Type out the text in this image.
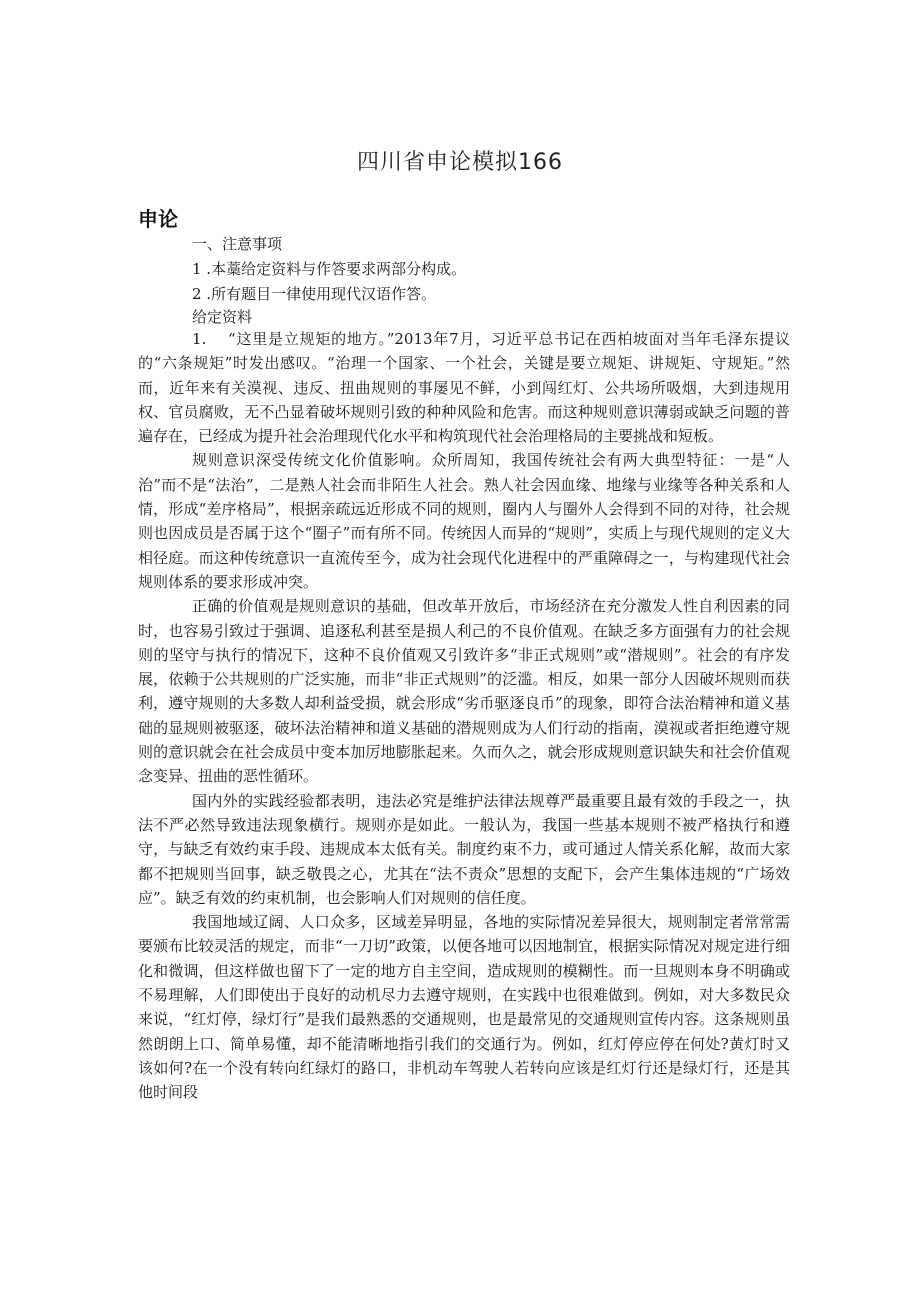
四川省申论模拟166
申论
一、注意事项
1 .本藁给定资料与作答要求两部分构成。
2 .所有题目一律使用现代汉语作答。
给定资料

1. “这里是立规矩的地方。”2013年7月，习近平总书记在西柏坡面对当年毛泽东提议的“六条规矩”时发出感叹。“治理一个国家、一个社会，关键是要立规矩、讲规矩、守规矩。”然而，近年来有关漠视、违反、扭曲规则的事屡见不鲜，小到闯红灯、公共场所吸烟，大到违规用权、官员腐败，无不凸显着破坏规则引致的种种风险和危害。而这种规则意识薄弱或缺乏问题的普遍存在，已经成为提升社会治理现代化水平和构筑现代社会治理格局的主要挑战和短板。

规则意识深受传统文化价值影响。众所周知，我国传统社会有两大典型特征：一是“人治”而不是“法治”，二是熟人社会而非陌生人社会。熟人社会因血缘、地缘与业缘等各种关系和人情，形成“差序格局”，根据亲疏远近形成不同的规则，圈内人与圈外人会得到不同的对待，社会规则也因成员是否属于这个“圈子”而有所不同。传统因人而异的“规则”，实质上与现代规则的定义大相径庭。而这种传统意识一直流传至今，成为社会现代化进程中的严重障碍之一，与构建现代社会规则体系的要求形成冲突。

正确的价值观是规则意识的基础，但改革开放后，市场经济在充分激发人性自利因素的同时，也容易引致过于强调、追逐私利甚至是损人利己的不良价值观。在缺乏多方面强有力的社会规则的坚守与执行的情况下，这种不良价值观又引致许多“非正式规则”或“潜规则”。社会的有序发展，依赖于公共规则的广泛实施，而非“非正式规则”的泛滥。相反，如果一部分人因破坏规则而获利，遵守规则的大多数人却利益受损，就会形成“劣币驱逐良币”的现象，即符合法治精神和道义基础的显规则被驱逐，破坏法治精神和道义基础的潜规则成为人们行动的指南，漠视或者拒绝遵守规则的意识就会在社会成员中变本加厉地膨胀起来。久而久之，就会形成规则意识缺失和社会价值观念变异、扭曲的恶性循环。

国内外的实践经验都表明，违法必究是维护法律法规尊严最重要且最有效的手段之一，执法不严必然导致违法现象横行。规则亦是如此。一般认为，我国一些基本规则不被严格执行和遵守，与缺乏有效约束手段、违规成本太低有关。制度约束不力，或可通过人情关系化解，故而大家都不把规则当回事，缺乏敬畏之心，尤其在“法不责众”思想的支配下，会产生集体违规的“广场效应”。缺乏有效的约束机制，也会影响人们对规则的信任度。

我国地域辽阔、人口众多，区域差异明显，各地的实际情况差异很大，规则制定者常常需要颁布比较灵活的规定，而非“一刀切”政策，以便各地可以因地制宜，根据实际情况对规定进行细化和微调，但这样做也留下了一定的地方自主空间，造成规则的模糊性。而一旦规则本身不明确或不易理解，人们即使出于良好的动机尽力去遵守规则，在实践中也很难做到。例如，对大多数民众来说，“红灯停，绿灯行”是我们最熟悉的交通规则，也是最常见的交通规则宣传内容。这条规则虽然朗朗上口、简单易懂，却不能清晰地指引我们的交通行为。例如，红灯停应停在何处?黄灯时又该如何?在一个没有转向红绿灯的路口，非机动车驾驶人若转向应该是红灯行还是绿灯行，还是其他时间段
